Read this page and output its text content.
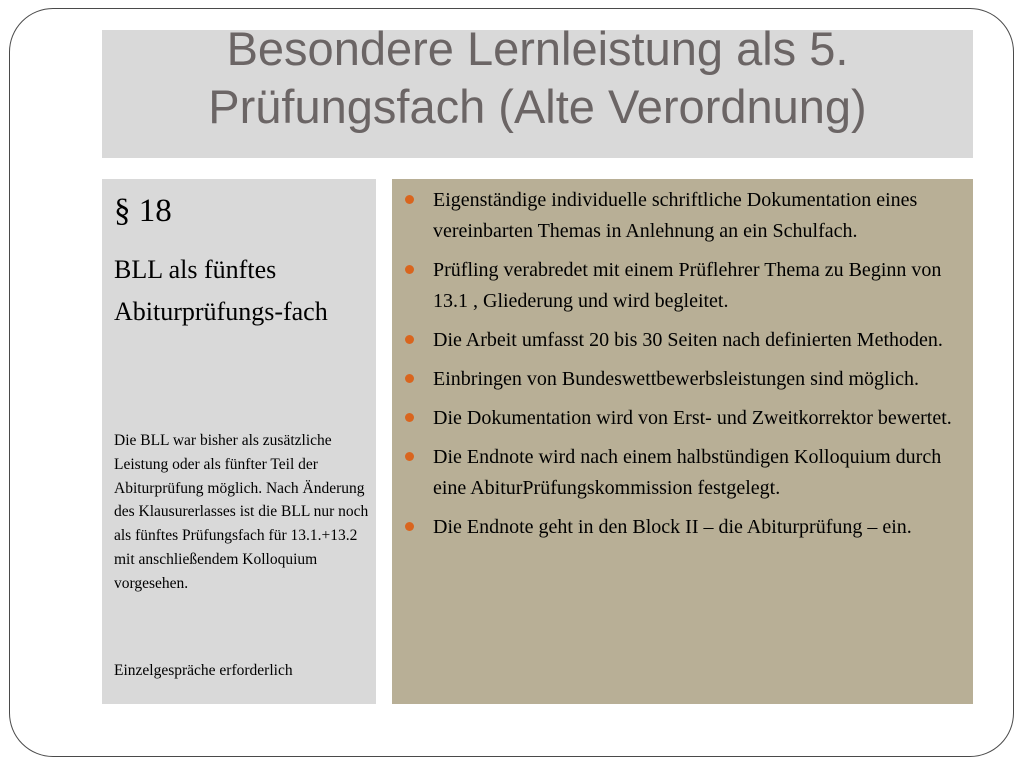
Besondere Lernleistung als 5.
Prüfungsfach (Alte Verordnung)
§ 18
BLL als fünftes Abiturprüfungs-fach
Die BLL war bisher als zusätzliche Leistung oder als fünfter Teil der Abiturprüfung möglich. Nach Änderung des Klausurerlasses ist die BLL nur noch als fünftes Prüfungsfach für 13.1.+13.2 mit anschließendem Kolloquium vorgesehen.
Einzelgespräche erforderlich
Eigenständige individuelle schriftliche Dokumentation eines vereinbarten Themas in Anlehnung an ein Schulfach.
Prüfling verabredet mit einem Prüflehrer Thema zu Beginn von 13.1 , Gliederung und wird begleitet.
Die Arbeit umfasst 20 bis 30 Seiten nach definierten Methoden.
Einbringen von Bundeswettbewerbsleistungen sind möglich.
Die Dokumentation wird von Erst- und Zweitkorrektor bewertet.
Die Endnote wird nach einem halbstündigen Kolloquium durch eine AbiturPrüfungskommission festgelegt.
Die Endnote geht in den Block II – die Abiturprüfung – ein.
